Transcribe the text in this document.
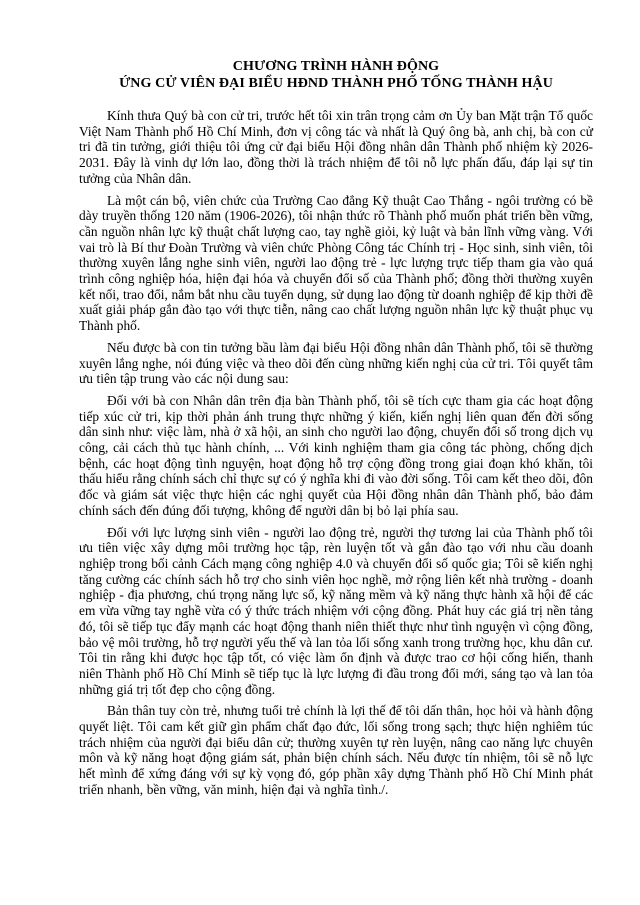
CHƯƠNG TRÌNH HÀNH ĐỘNG
ỨNG CỬ VIÊN ĐẠI BIỂU HĐND THÀNH PHỐ TỐNG THÀNH HẬU

Kính thưa Quý bà con cử tri, trước hết tôi xin trân trọng cảm ơn Ủy ban Mặt trận Tổ quốc Việt Nam Thành phố Hồ Chí Minh, đơn vị công tác và nhất là Quý ông bà, anh chị, bà con cử tri đã tin tưởng, giới thiệu tôi ứng cử đại biểu Hội đồng nhân dân Thành phố nhiệm kỳ 2026-2031. Đây là vinh dự lớn lao, đồng thời là trách nhiệm để tôi nỗ lực phấn đấu, đáp lại sự tin tưởng của Nhân dân.

Là một cán bộ, viên chức của Trường Cao đẳng Kỹ thuật Cao Thắng - ngôi trường có bề dày truyền thống 120 năm (1906-2026), tôi nhận thức rõ Thành phố muốn phát triển bền vững, cần nguồn nhân lực kỹ thuật chất lượng cao, tay nghề giỏi, kỷ luật và bản lĩnh vững vàng. Với vai trò là Bí thư Đoàn Trường và viên chức Phòng Công tác Chính trị - Học sinh, sinh viên, tôi thường xuyên lắng nghe sinh viên, người lao động trẻ - lực lượng trực tiếp tham gia vào quá trình công nghiệp hóa, hiện đại hóa và chuyển đổi số của Thành phố; đồng thời thường xuyên kết nối, trao đổi, nắm bắt nhu cầu tuyển dụng, sử dụng lao động từ doanh nghiệp để kịp thời đề xuất giải pháp gắn đào tạo với thực tiễn, nâng cao chất lượng nguồn nhân lực kỹ thuật phục vụ Thành phố.

Nếu được bà con tin tưởng bầu làm đại biểu Hội đồng nhân dân Thành phố, tôi sẽ thường xuyên lắng nghe, nói đúng việc và theo dõi đến cùng những kiến nghị của cử tri. Tôi quyết tâm ưu tiên tập trung vào các nội dung sau:

Đối với bà con Nhân dân trên địa bàn Thành phố, tôi sẽ tích cực tham gia các hoạt động tiếp xúc cử tri, kịp thời phản ánh trung thực những ý kiến, kiến nghị liên quan đến đời sống dân sinh như: việc làm, nhà ở xã hội, an sinh cho người lao động, chuyển đổi số trong dịch vụ công, cải cách thủ tục hành chính, ... Với kinh nghiệm tham gia công tác phòng, chống dịch bệnh, các hoạt động tình nguyện, hoạt động hỗ trợ cộng đồng trong giai đoạn khó khăn, tôi thấu hiểu rằng chính sách chỉ thực sự có ý nghĩa khi đi vào đời sống. Tôi cam kết theo dõi, đôn đốc và giám sát việc thực hiện các nghị quyết của Hội đồng nhân dân Thành phố, bảo đảm chính sách đến đúng đối tượng, không để người dân bị bỏ lại phía sau.

Đối với lực lượng sinh viên - người lao động trẻ, người thợ tương lai của Thành phố tôi ưu tiên việc xây dựng môi trường học tập, rèn luyện tốt và gắn đào tạo với nhu cầu doanh nghiệp trong bối cảnh Cách mạng công nghiệp 4.0 và chuyển đổi số quốc gia; Tôi sẽ kiến nghị tăng cường các chính sách hỗ trợ cho sinh viên học nghề, mở rộng liên kết nhà trường - doanh nghiệp - địa phương, chú trọng năng lực số, kỹ năng mềm và kỹ năng thực hành xã hội để các em vừa vững tay nghề vừa có ý thức trách nhiệm với cộng đồng. Phát huy các giá trị nền tảng đó, tôi sẽ tiếp tục đẩy mạnh các hoạt động thanh niên thiết thực như tình nguyện vì cộng đồng, bảo vệ môi trường, hỗ trợ người yếu thế và lan tỏa lối sống xanh trong trường học, khu dân cư. Tôi tin rằng khi được học tập tốt, có việc làm ổn định và được trao cơ hội cống hiến, thanh niên Thành phố Hồ Chí Minh sẽ tiếp tục là lực lượng đi đầu trong đổi mới, sáng tạo và lan tỏa những giá trị tốt đẹp cho cộng đồng.

Bản thân tuy còn trẻ, nhưng tuổi trẻ chính là lợi thế để tôi dấn thân, học hỏi và hành động quyết liệt. Tôi cam kết giữ gìn phẩm chất đạo đức, lối sống trong sạch; thực hiện nghiêm túc trách nhiệm của người đại biểu dân cử; thường xuyên tự rèn luyện, nâng cao năng lực chuyên môn và kỹ năng hoạt động giám sát, phản biện chính sách. Nếu được tín nhiệm, tôi sẽ nỗ lực hết mình để xứng đáng với sự kỳ vọng đó, góp phần xây dựng Thành phố Hồ Chí Minh phát triển nhanh, bền vững, văn minh, hiện đại và nghĩa tình./.
